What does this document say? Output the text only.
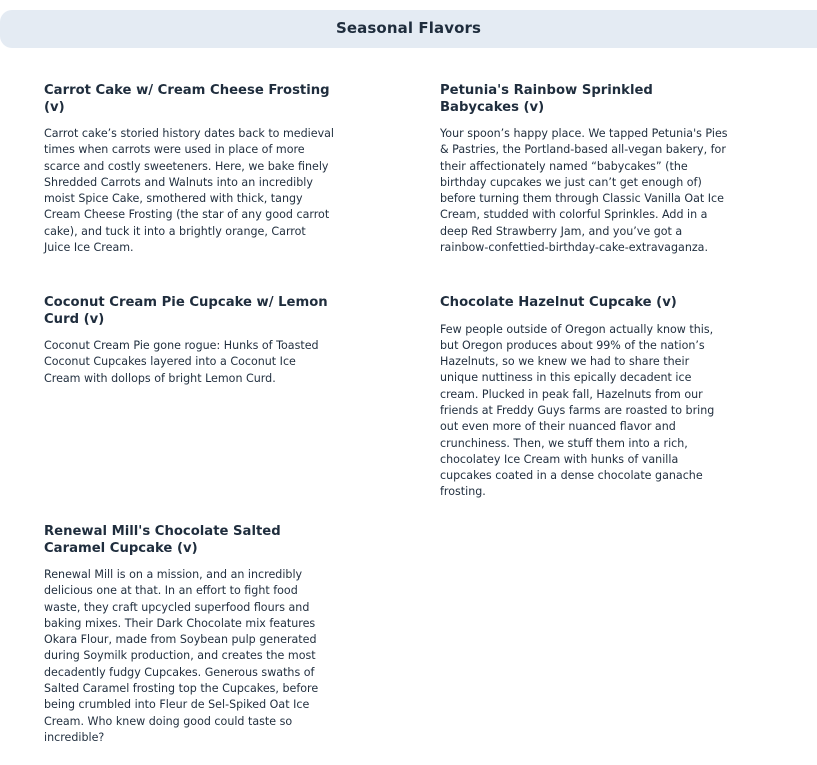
Seasonal Flavors
Carrot Cake w/ Cream Cheese Frosting (v)

Carrot cake’s storied history dates back to medieval times when carrots were used in place of more scarce and costly sweeteners. Here, we bake finely Shredded Carrots and Walnuts into an incredibly moist Spice Cake, smothered with thick, tangy Cream Cheese Frosting (the star of any good carrot cake), and tuck it into a brightly orange, Carrot Juice Ice Cream.

Petunia's Rainbow Sprinkled Babycakes (v)

Your spoon’s happy place. We tapped Petunia's Pies & Pastries, the Portland-based all-vegan bakery, for their affectionately named “babycakes” (the birthday cupcakes we just can’t get enough of) before turning them through Classic Vanilla Oat Ice Cream, studded with colorful Sprinkles. Add in a deep Red Strawberry Jam, and you’ve got a rainbow-confettied-birthday-cake-extravaganza.

Coconut Cream Pie Cupcake w/ Lemon Curd (v)

Coconut Cream Pie gone rogue: Hunks of Toasted Coconut Cupcakes layered into a Coconut Ice Cream with dollops of bright Lemon Curd.

Chocolate Hazelnut Cupcake (v)

Few people outside of Oregon actually know this, but Oregon produces about 99% of the nation’s Hazelnuts, so we knew we had to share their unique nuttiness in this epically decadent ice cream. Plucked in peak fall, Hazelnuts from our friends at Freddy Guys farms are roasted to bring out even more of their nuanced flavor and crunchiness. Then, we stuff them into a rich, chocolatey Ice Cream with hunks of vanilla cupcakes coated in a dense chocolate ganache frosting.

Renewal Mill's Chocolate Salted Caramel Cupcake (v)

Renewal Mill is on a mission, and an incredibly delicious one at that. In an effort to fight food waste, they craft upcycled superfood flours and baking mixes. Their Dark Chocolate mix features Okara Flour, made from Soybean pulp generated during Soymilk production, and creates the most decadently fudgy Cupcakes. Generous swaths of Salted Caramel frosting top the Cupcakes, before being crumbled into Fleur de Sel-Spiked Oat Ice Cream. Who knew doing good could taste so incredible?
